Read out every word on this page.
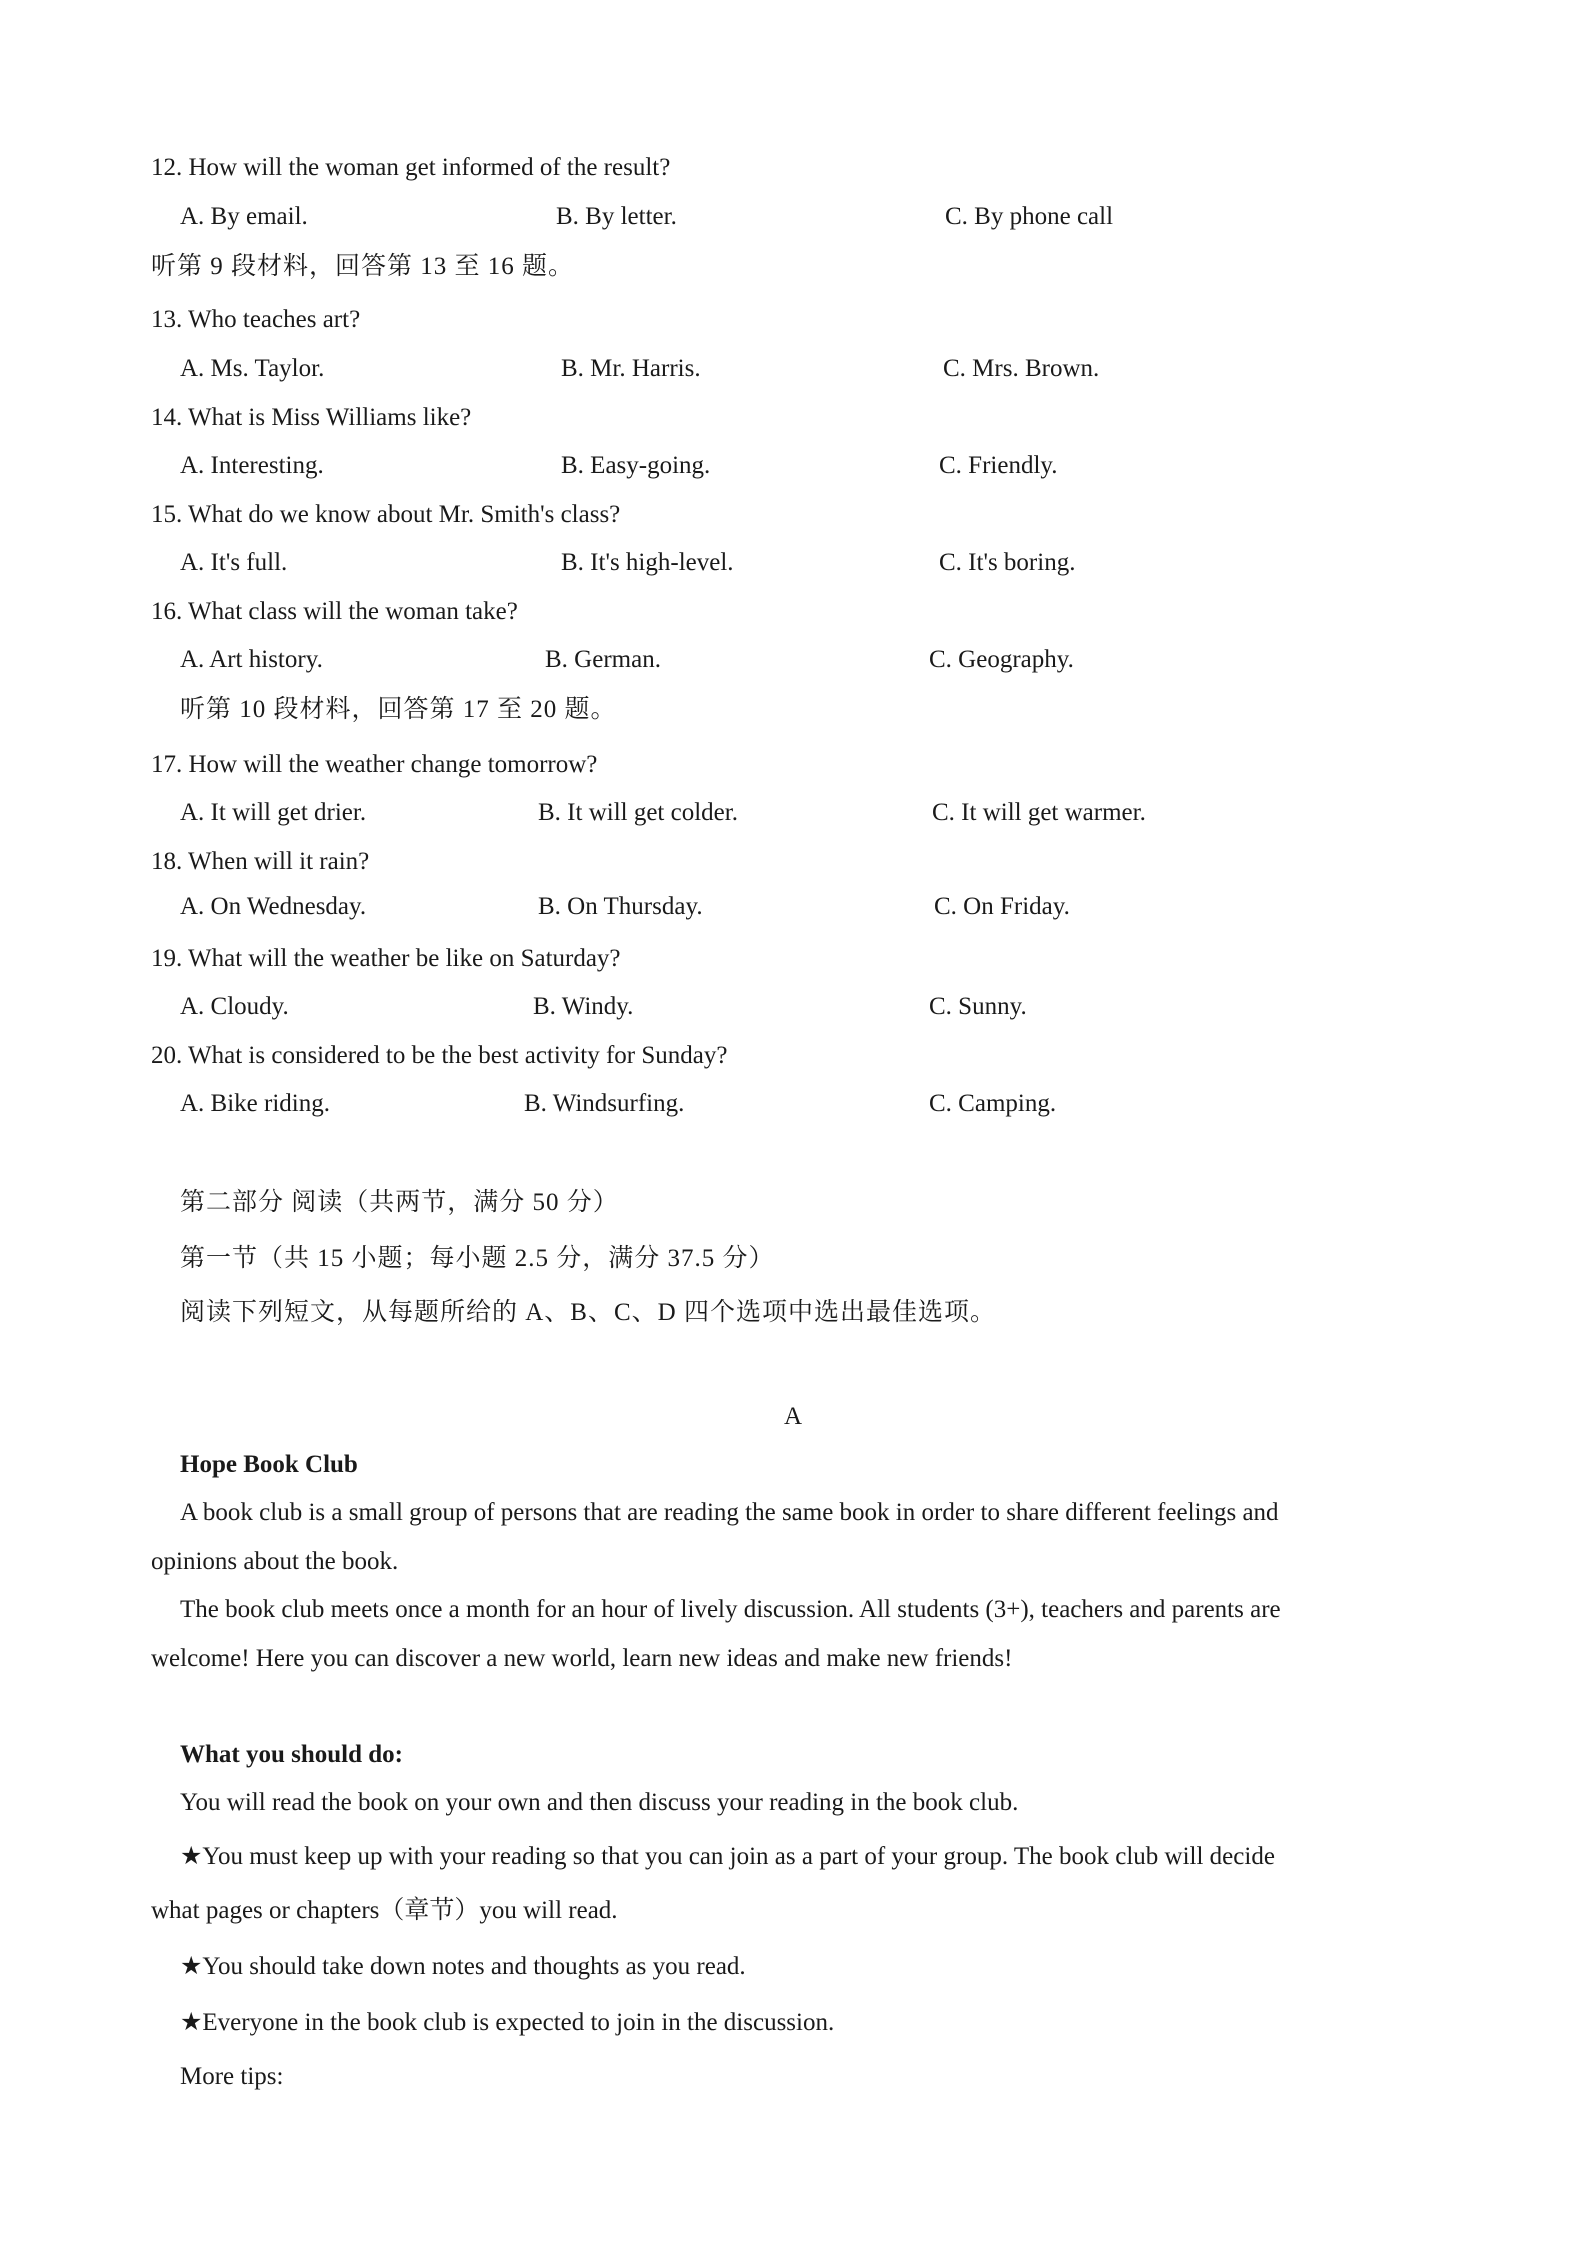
12. How will the woman get informed of the result?
A. By email.	B. By letter.	C. By phone call
听第 9 段材料，回答第 13 至 16 题。
13. Who teaches art?
A. Ms. Taylor.	B. Mr. Harris.	C. Mrs. Brown.
14. What is Miss Williams like?
A. Interesting.	B. Easy-going.	C. Friendly.
15. What do we know about Mr. Smith's class?
A. It's full.	B. It's high-level.	C. It's boring.
16. What class will the woman take?
A. Art history.	B. German.	C. Geography.
听第 10 段材料，回答第 17 至 20 题。
17. How will the weather change tomorrow?
A. It will get drier.	B. It will get colder.	C. It will get warmer.
18. When will it rain?
A. On Wednesday.	B. On Thursday.	C. On Friday.
19. What will the weather be like on Saturday?
A. Cloudy.	B. Windy.	C. Sunny.
20. What is considered to be the best activity for Sunday?
A. Bike riding.	B. Windsurfing.	C. Camping.
第二部分 阅读（共两节，满分 50 分）
第一节（共 15 小题；每小题 2.5 分，满分 37.5 分）
阅读下列短文，从每题所给的 A、B、C、D 四个选项中选出最佳选项。
A
Hope Book Club
A book club is a small group of persons that are reading the same book in order to share different feelings and
opinions about the book.
The book club meets once a month for an hour of lively discussion. All students (3+), teachers and parents are
welcome! Here you can discover a new world, learn new ideas and make new friends!
What you should do:
You will read the book on your own and then discuss your reading in the book club.
★You must keep up with your reading so that you can join as a part of your group. The book club will decide
what pages or chapters（章节）you will read.
★You should take down notes and thoughts as you read.
★Everyone in the book club is expected to join in the discussion.
More tips:
